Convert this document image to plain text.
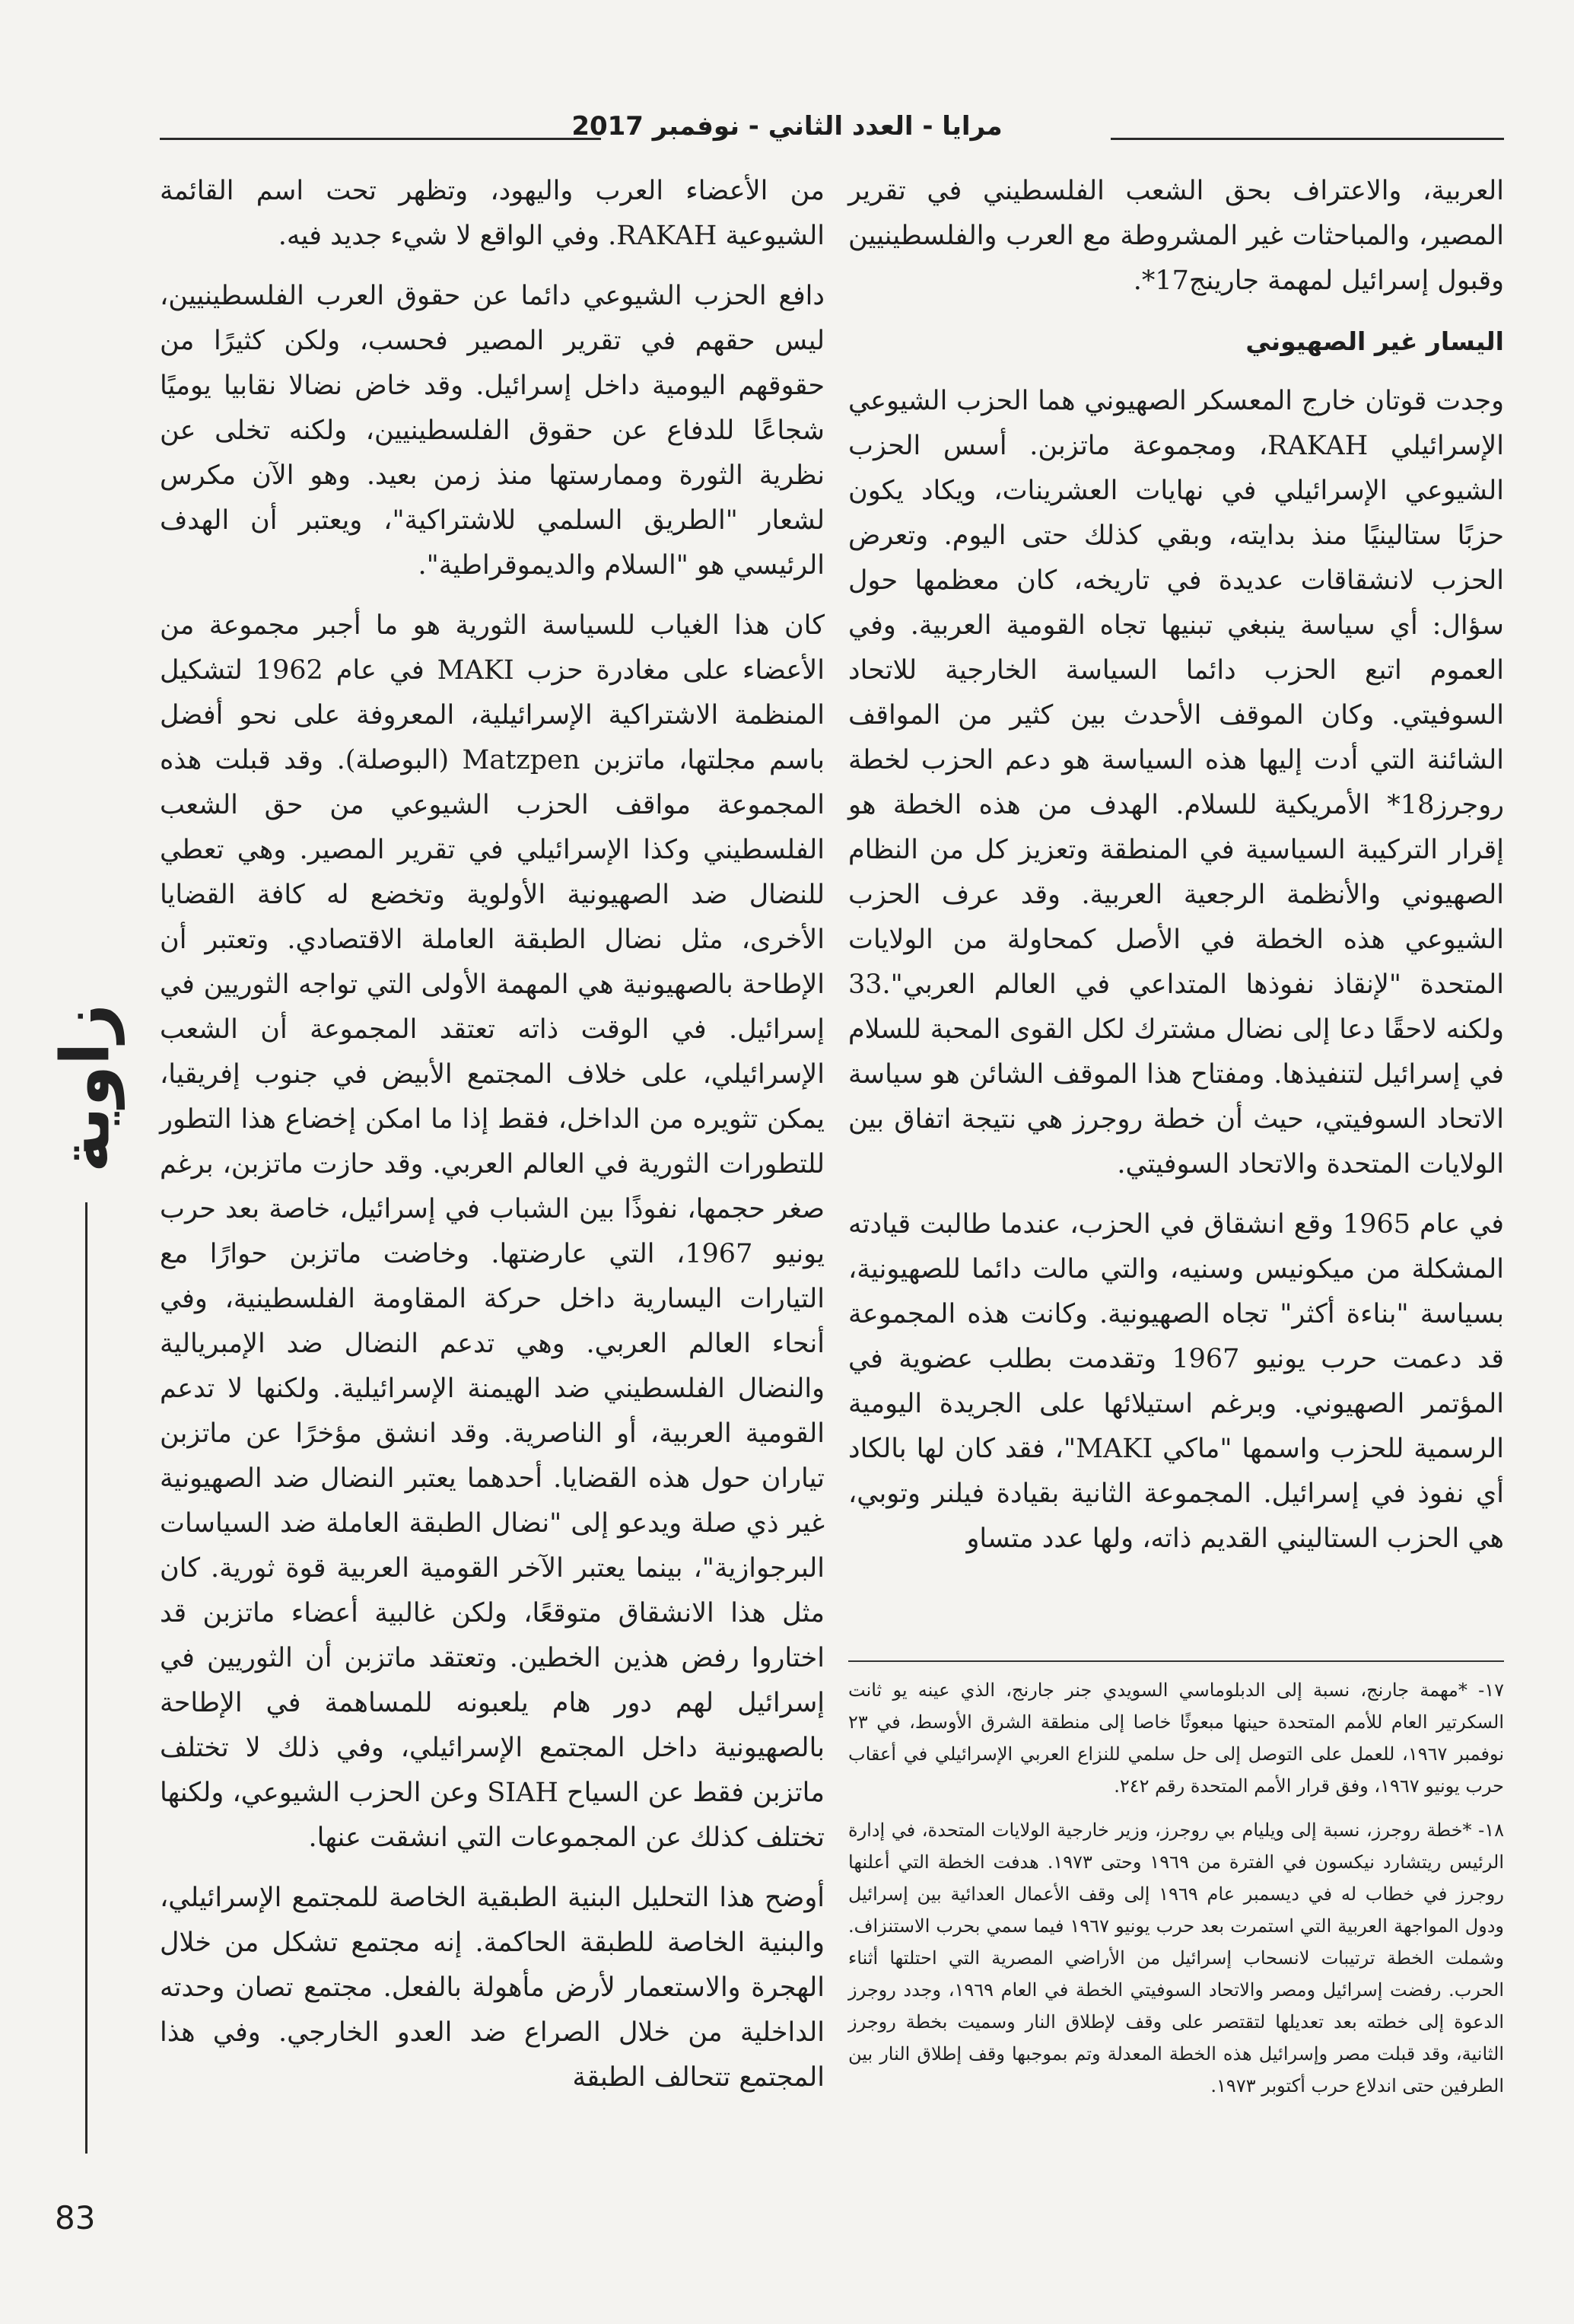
مرايا - العدد الثاني - نوفمبر 2017

العربية، والاعتراف بحق الشعب الفلسطيني في تقرير المصير، والمباحثات غير المشروطة مع العرب والفلسطينيين وقبول إسرائيل لمهمة جارينج17*.

اليسار غير الصهيوني

وجدت قوتان خارج المعسكر الصهيوني هما الحزب الشيوعي الإسرائيلي RAKAH، ومجموعة ماتزبن. أسس الحزب الشيوعي الإسرائيلي في نهايات العشرينات، ويكاد يكون حزبًا ستالينيًا منذ بدايته، وبقي كذلك حتى اليوم. وتعرض الحزب لانشقاقات عديدة في تاريخه، كان معظمها حول سؤال: أي سياسة ينبغي تبنيها تجاه القومية العربية. وفي العموم اتبع الحزب دائما السياسة الخارجية للاتحاد السوفيتي. وكان الموقف الأحدث بين كثير من المواقف الشائنة التي أدت إليها هذه السياسة هو دعم الحزب لخطة روجرز18* الأمريكية للسلام. الهدف من هذه الخطة هو إقرار التركيبة السياسية في المنطقة وتعزيز كل من النظام الصهيوني والأنظمة الرجعية العربية. وقد عرف الحزب الشيوعي هذه الخطة في الأصل كمحاولة من الولايات المتحدة "لإنقاذ نفوذها المتداعي في العالم العربي".33 ولكنه لاحقًا دعا إلى نضال مشترك لكل القوى المحبة للسلام في إسرائيل لتنفيذها. ومفتاح هذا الموقف الشائن هو سياسة الاتحاد السوفيتي، حيث أن خطة روجرز هي نتيجة اتفاق بين الولايات المتحدة والاتحاد السوفيتي.

في عام 1965 وقع انشقاق في الحزب، عندما طالبت قيادته المشكلة من ميكونيس وسنيه، والتي مالت دائما للصهيونية، بسياسة "بناءة أكثر" تجاه الصهيونية. وكانت هذه المجموعة قد دعمت حرب يونيو 1967 وتقدمت بطلب عضوية في المؤتمر الصهيوني. وبرغم استيلائها على الجريدة اليومية الرسمية للحزب واسمها "ماكي MAKI"، فقد كان لها بالكاد أي نفوذ في إسرائيل. المجموعة الثانية بقيادة فيلنر وتوبي، هي الحزب الستاليني القديم ذاته، ولها عدد متساو

١٧- *مهمة جارنج، نسبة إلى الدبلوماسي السويدي جنر جارنج، الذي عينه يو ثانت السكرتير العام للأمم المتحدة حينها مبعوثًا خاصا إلى منطقة الشرق الأوسط، في ٢٣ نوفمبر ١٩٦٧، للعمل على التوصل إلى حل سلمي للنزاع العربي الإسرائيلي في أعقاب حرب يونيو ١٩٦٧، وفق قرار الأمم المتحدة رقم ٢٤٢.

١٨- *خطة روجرز، نسبة إلى ويليام بي روجرز، وزير خارجية الولايات المتحدة، في إدارة الرئيس ريتشارد نيكسون في الفترة من ١٩٦٩ وحتى ١٩٧٣. هدفت الخطة التي أعلنها روجرز في خطاب له في ديسمبر عام ١٩٦٩ إلى وقف الأعمال العدائية بين إسرائيل ودول المواجهة العربية التي استمرت بعد حرب يونيو ١٩٦٧ فيما سمي بحرب الاستنزاف. وشملت الخطة ترتيبات لانسحاب إسرائيل من الأراضي المصرية التي احتلتها أثناء الحرب. رفضت إسرائيل ومصر والاتحاد السوفيتي الخطة في العام ١٩٦٩، وجدد روجرز الدعوة إلى خطته بعد تعديلها لتقتصر على وقف لإطلاق النار وسميت بخطة روجرز الثانية، وقد قبلت مصر وإسرائيل هذه الخطة المعدلة وتم بموجبها وقف إطلاق النار بين الطرفين حتى اندلاع حرب أكتوبر ١٩٧٣.

من الأعضاء العرب واليهود، وتظهر تحت اسم القائمة الشيوعية RAKAH. وفي الواقع لا شيء جديد فيه.

دافع الحزب الشيوعي دائما عن حقوق العرب الفلسطينيين، ليس حقهم في تقرير المصير فحسب، ولكن كثيرًا من حقوقهم اليومية داخل إسرائيل. وقد خاض نضالا نقابيا يوميًا شجاعًا للدفاع عن حقوق الفلسطينيين، ولكنه تخلى عن نظرية الثورة وممارستها منذ زمن بعيد. وهو الآن مكرس لشعار "الطريق السلمي للاشتراكية"، ويعتبر أن الهدف الرئيسي هو "السلام والديموقراطية".

كان هذا الغياب للسياسة الثورية هو ما أجبر مجموعة من الأعضاء على مغادرة حزب MAKI في عام 1962 لتشكيل المنظمة الاشتراكية الإسرائيلية، المعروفة على نحو أفضل باسم مجلتها، ماتزبن Matzpen (البوصلة). وقد قبلت هذه المجموعة مواقف الحزب الشيوعي من حق الشعب الفلسطيني وكذا الإسرائيلي في تقرير المصير. وهي تعطي للنضال ضد الصهيونية الأولوية وتخضع له كافة القضايا الأخرى، مثل نضال الطبقة العاملة الاقتصادي. وتعتبر أن الإطاحة بالصهيونية هي المهمة الأولى التي تواجه الثوريين في إسرائيل. في الوقت ذاته تعتقد المجموعة أن الشعب الإسرائيلي، على خلاف المجتمع الأبيض في جنوب إفريقيا، يمكن تثويره من الداخل، فقط إذا ما امكن إخضاع هذا التطور للتطورات الثورية في العالم العربي. وقد حازت ماتزبن، برغم صغر حجمها، نفوذًا بين الشباب في إسرائيل، خاصة بعد حرب يونيو 1967، التي عارضتها. وخاضت ماتزبن حوارًا مع التيارات اليسارية داخل حركة المقاومة الفلسطينية، وفي أنحاء العالم العربي. وهي تدعم النضال ضد الإمبريالية والنضال الفلسطيني ضد الهيمنة الإسرائيلية. ولكنها لا تدعم القومية العربية، أو الناصرية. وقد انشق مؤخرًا عن ماتزبن تياران حول هذه القضايا. أحدهما يعتبر النضال ضد الصهيونية غير ذي صلة ويدعو إلى "نضال الطبقة العاملة ضد السياسات البرجوازية"، بينما يعتبر الآخر القومية العربية قوة ثورية. كان مثل هذا الانشقاق متوقعًا، ولكن غالبية أعضاء ماتزبن قد اختاروا رفض هذين الخطين. وتعتقد ماتزبن أن الثوريين في إسرائيل لهم دور هام يلعبونه للمساهمة في الإطاحة بالصهيونية داخل المجتمع الإسرائيلي، وفي ذلك لا تختلف ماتزبن فقط عن السياح SIAH وعن الحزب الشيوعي، ولكنها تختلف كذلك عن المجموعات التي انشقت عنها.

أوضح هذا التحليل البنية الطبقية الخاصة للمجتمع الإسرائيلي، والبنية الخاصة للطبقة الحاكمة. إنه مجتمع تشكل من خلال الهجرة والاستعمار لأرض مأهولة بالفعل. مجتمع تصان وحدته الداخلية من خلال الصراع ضد العدو الخارجي. وفي هذا المجتمع تتحالف الطبقة

زاوية
83
